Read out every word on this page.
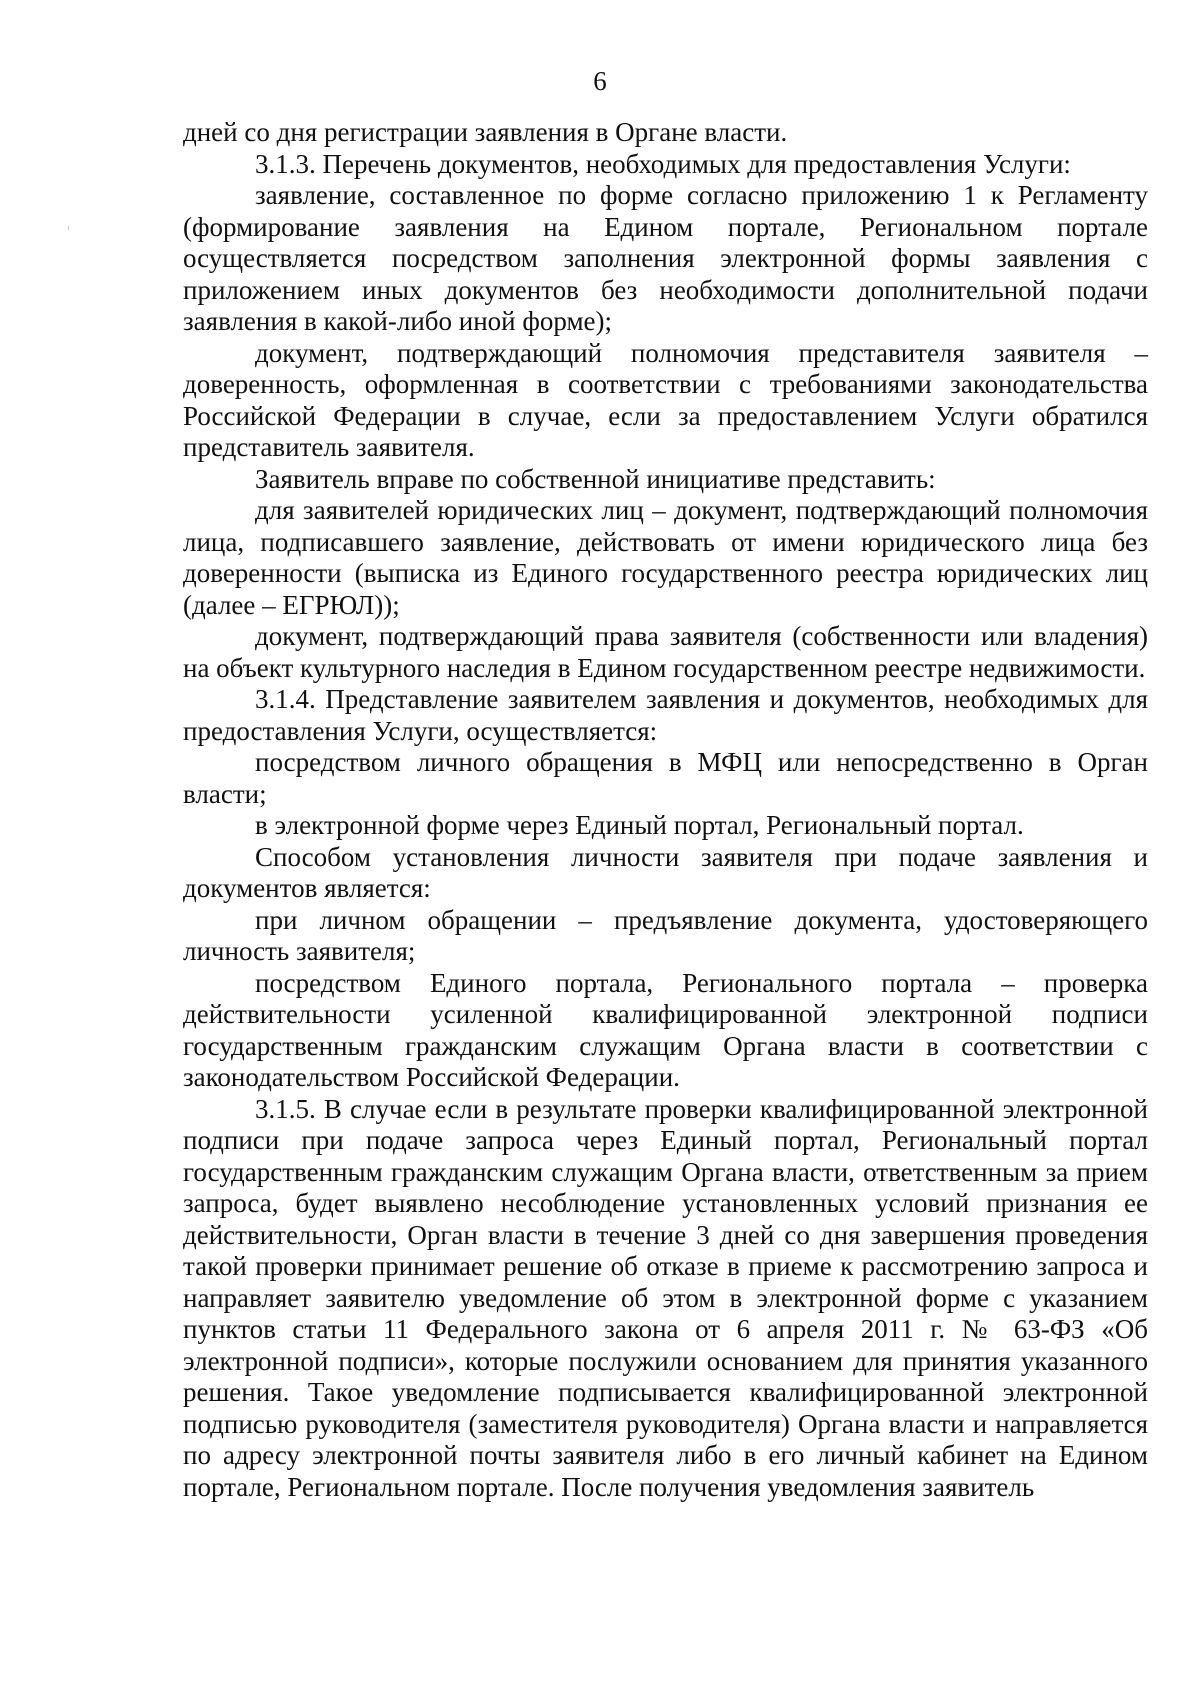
6

дней со дня регистрации заявления в Органе власти.

3.1.3. Перечень документов, необходимых для предоставления Услуги:

заявление, составленное по форме согласно приложению 1 к Регламенту (формирование заявления на Едином портале, Региональном портале осуществляется посредством заполнения электронной формы заявления с приложением иных документов без необходимости дополнительной подачи заявления в какой-либо иной форме);

документ, подтверждающий полномочия представителя заявителя – доверенность, оформленная в соответствии с требованиями законодательства Российской Федерации в случае, если за предоставлением Услуги обратился представитель заявителя.

Заявитель вправе по собственной инициативе представить:

для заявителей юридических лиц – документ, подтверждающий полномочия лица, подписавшего заявление, действовать от имени юридического лица без доверенности (выписка из Единого государственного реестра юридических лиц (далее – ЕГРЮЛ));

документ, подтверждающий права заявителя (собственности или владения) на объект культурного наследия в Едином государственном реестре недвижимости.

3.1.4. Представление заявителем заявления и документов, необходимых для предоставления Услуги, осуществляется:

посредством личного обращения в МФЦ или непосредственно в Орган власти;

в электронной форме через Единый портал, Региональный портал.

Способом установления личности заявителя при подаче заявления и документов является:

при личном обращении – предъявление документа, удостоверяющего личность заявителя;

посредством Единого портала, Регионального портала – проверка действительности усиленной квалифицированной электронной подписи государственным гражданским служащим Органа власти в соответствии с законодательством Российской Федерации.

3.1.5. В случае если в результате проверки квалифицированной электронной подписи при подаче запроса через Единый портал, Региональный портал государственным гражданским служащим Органа власти, ответственным за прием запроса, будет выявлено несоблюдение установленных условий признания ее действительности, Орган власти в течение 3 дней со дня завершения проведения такой проверки принимает решение об отказе в приеме к рассмотрению запроса и направляет заявителю уведомление об этом в электронной форме с указанием пунктов статьи 11 Федерального закона от 6 апреля 2011 г. № 63-ФЗ «Об электронной подписи», которые послужили основанием для принятия указанного решения. Такое уведомление подписывается квалифицированной электронной подписью руководителя (заместителя руководителя) Органа власти и направляется по адресу электронной почты заявителя либо в его личный кабинет на Едином портале, Региональном портале. После получения уведомления заявитель
